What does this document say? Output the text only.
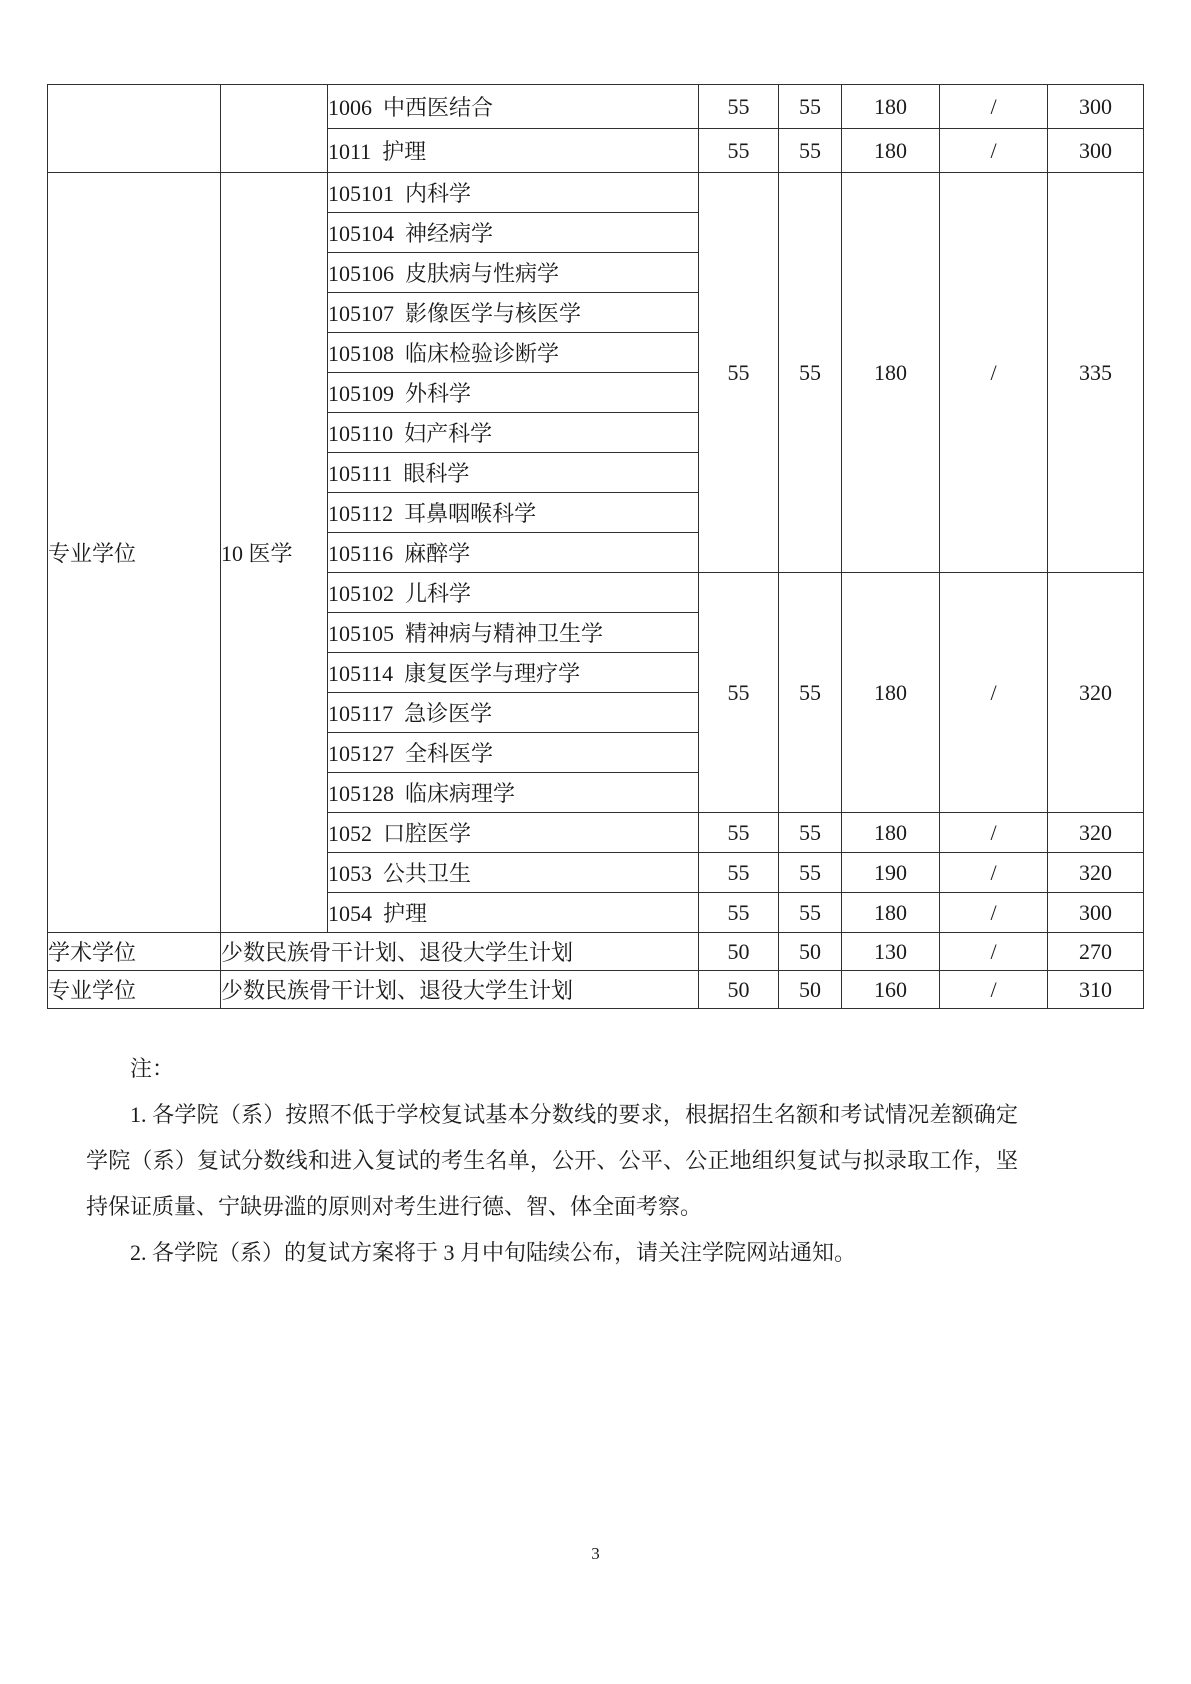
		1006  中西医结合	55	55	180	/	300
		1011  护理	55	55	180	/	300
专业学位	10 医学	105101  内科学	55	55	180	/	335
		105104  神经病学					
		105106  皮肤病与性病学					
		105107  影像医学与核医学					
		105108  临床检验诊断学					
		105109  外科学					
		105110  妇产科学					
		105111  眼科学					
		105112  耳鼻咽喉科学					
		105116  麻醉学					
		105102  儿科学	55	55	180	/	320
		105105  精神病与精神卫生学					
		105114  康复医学与理疗学					
		105117  急诊医学					
		105127  全科医学					
		105128  临床病理学					
		1052  口腔医学	55	55	180	/	320
		1053  公共卫生	55	55	190	/	320
		1054  护理	55	55	180	/	300
学术学位	少数民族骨干计划、退役大学生计划		50	50	130	/	270
专业学位	少数民族骨干计划、退役大学生计划		50	50	160	/	310
注：

1. 各学院（系）按照不低于学校复试基本分数线的要求，根据招生名额和考试情况差额确定学院（系）复试分数线和进入复试的考生名单，公开、公平、公正地组织复试与拟录取工作，坚持保证质量、宁缺毋滥的原则对考生进行德、智、体全面考察。

2. 各学院（系）的复试方案将于 3 月中旬陆续公布，请关注学院网站通知。

3
